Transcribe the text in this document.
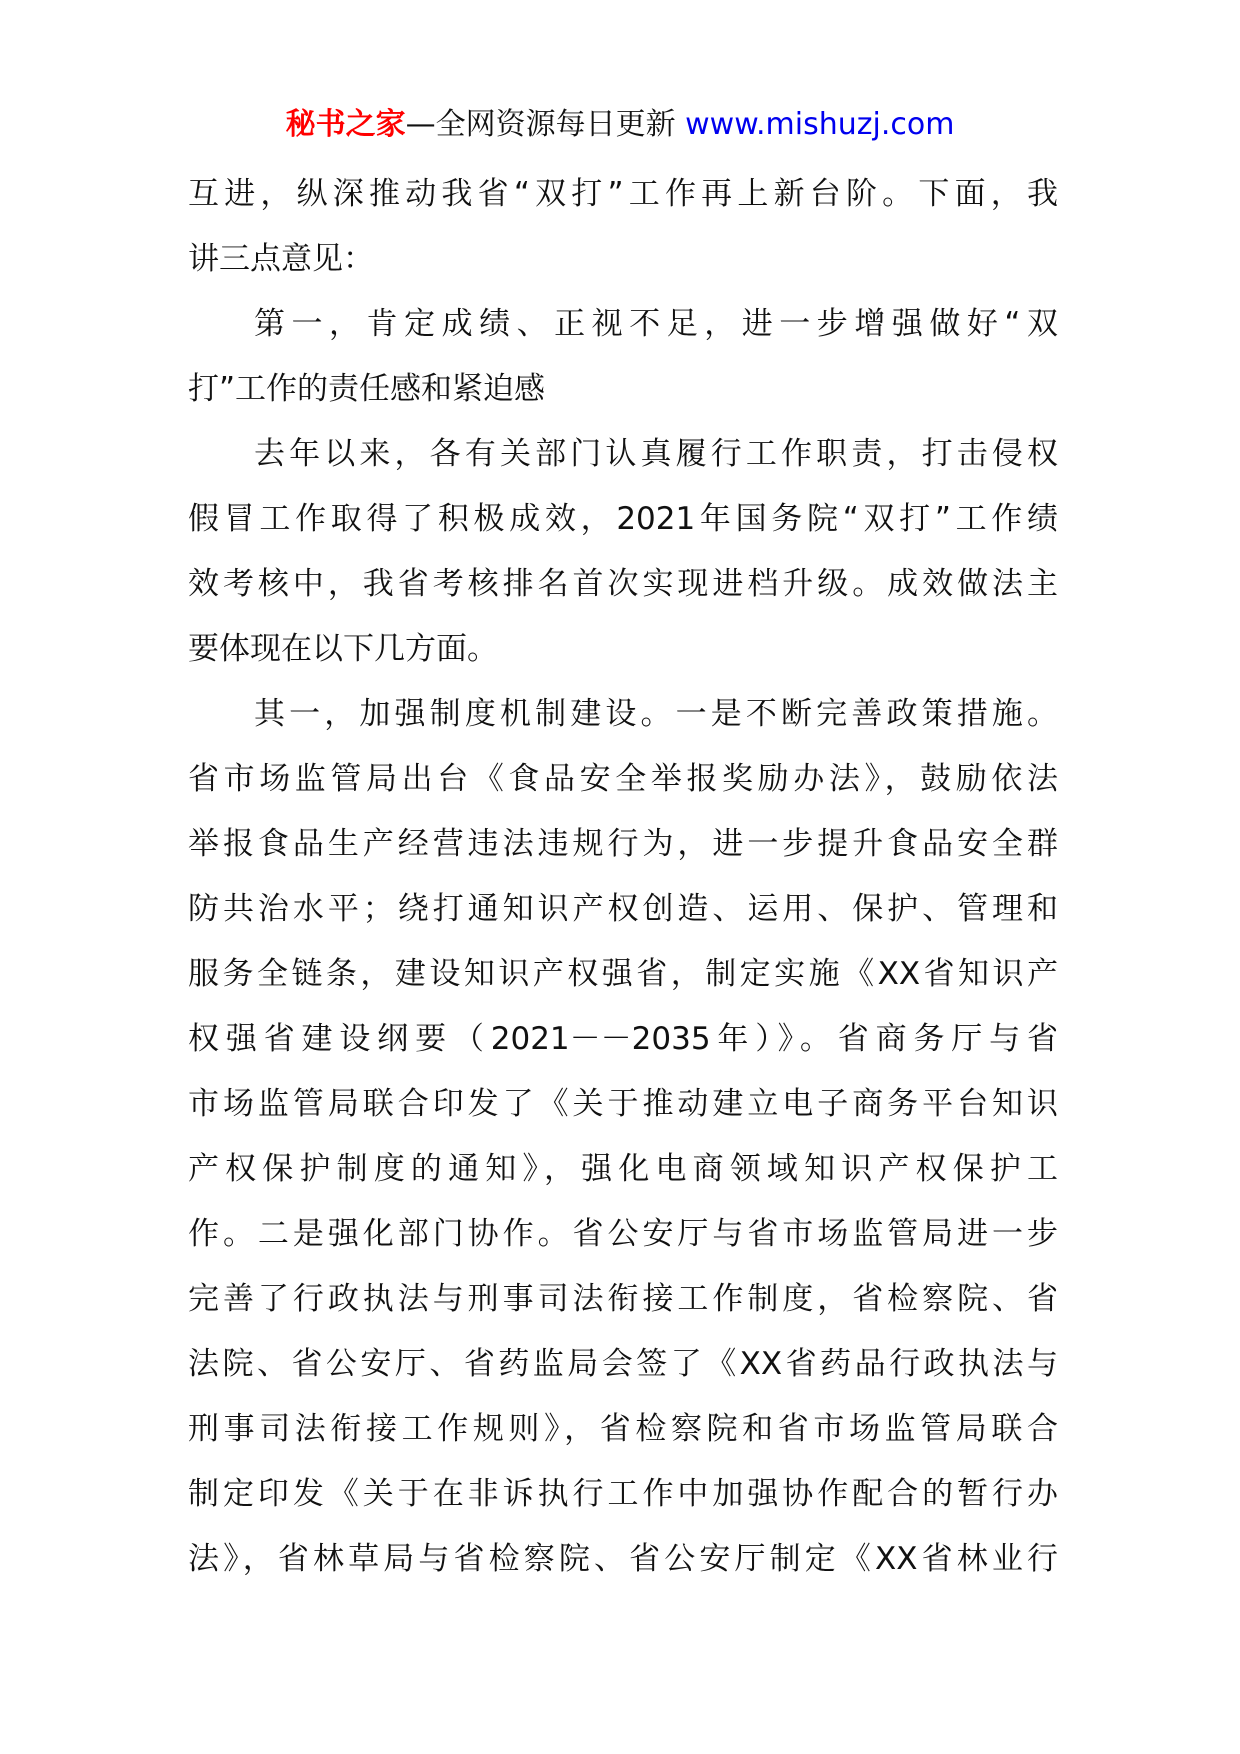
秘书之家—全网资源每日更新 www.mishuzj.com
互进，纵深推动我省“双打”工作再上新台阶。下面，我
讲三点意见：
第一，肯定成绩、正视不足，进一步增强做好“双
打”工作的责任感和紧迫感
去年以来，各有关部门认真履行工作职责，打击侵权
假冒工作取得了积极成效，2021年国务院“双打”工作绩
效考核中，我省考核排名首次实现进档升级。成效做法主
要体现在以下几方面。
其一，加强制度机制建设。一是不断完善政策措施。
省市场监管局出台《食品安全举报奖励办法》，鼓励依法
举报食品生产经营违法违规行为，进一步提升食品安全群
防共治水平；绕打通知识产权创造、运用、保护、管理和
服务全链条，建设知识产权强省，制定实施《XX省知识产
权强省建设纲要（2021－－2035年）》。省商务厅与省
市场监管局联合印发了《关于推动建立电子商务平台知识
产权保护制度的通知》，强化电商领域知识产权保护工
作。二是强化部门协作。省公安厅与省市场监管局进一步
完善了行政执法与刑事司法衔接工作制度，省检察院、省
法院、省公安厅、省药监局会签了《XX省药品行政执法与
刑事司法衔接工作规则》，省检察院和省市场监管局联合
制定印发《关于在非诉执行工作中加强协作配合的暂行办
法》，省林草局与省检察院、省公安厅制定《XX省林业行
